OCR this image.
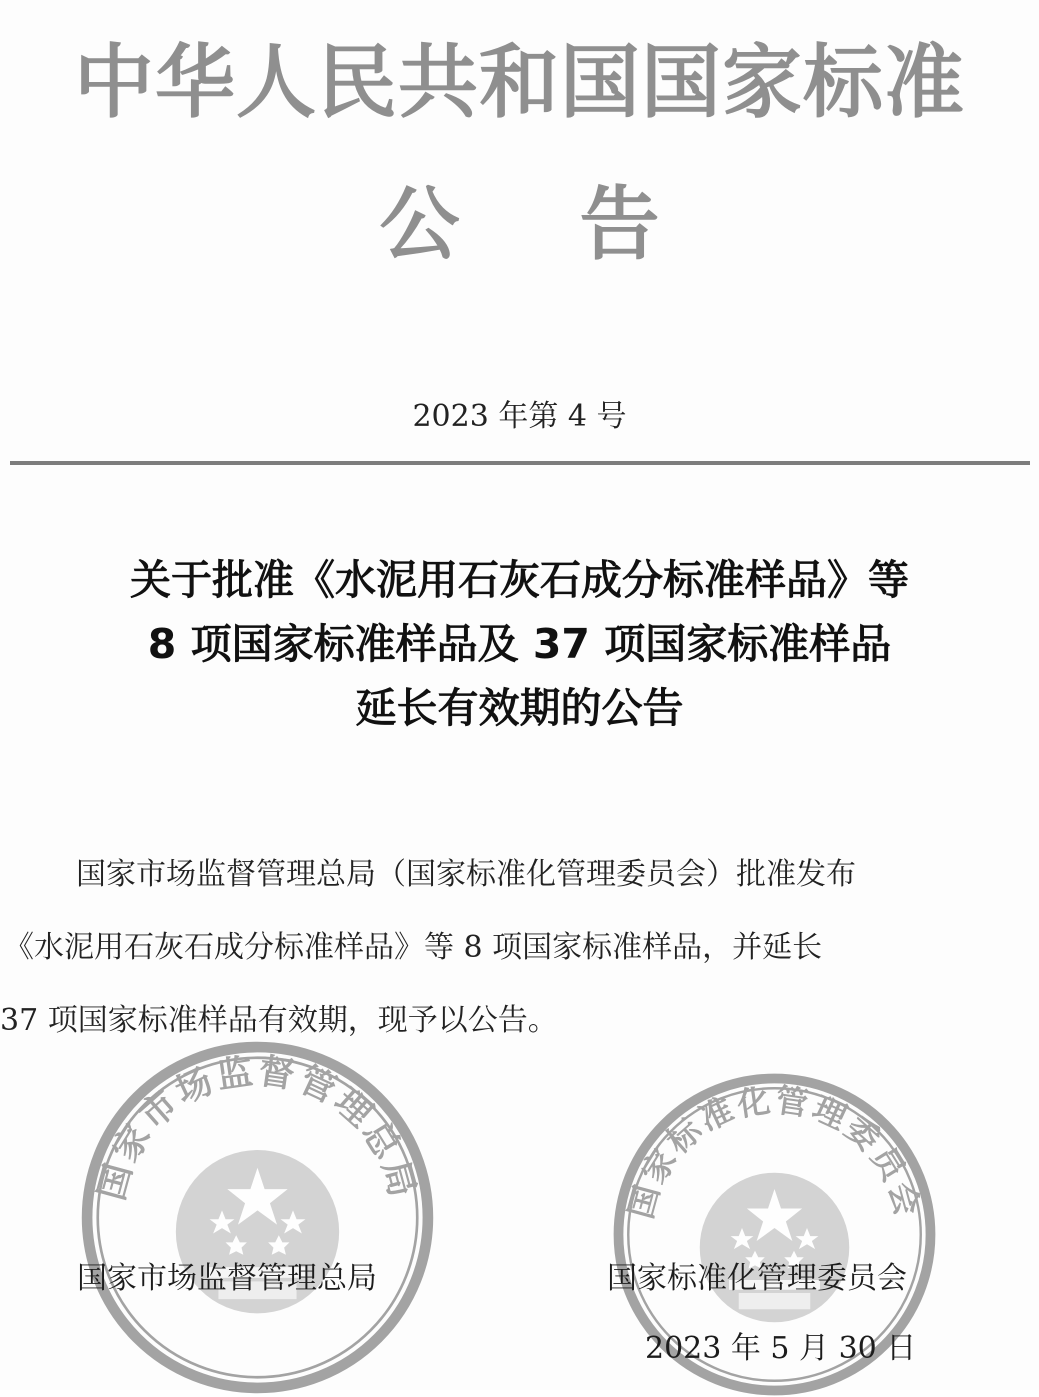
中华人民共和国国家标准
公告
2023 年第 4 号
关于批准《水泥用石灰石成分标准样品》等
8 项国家标准样品及 37 项国家标准样品
延长有效期的公告
国家市场监督管理总局（国家标准化管理委员会）批准发布
《水泥用石灰石成分标准样品》等 8 项国家标准样品，并延长
37 项国家标准样品有效期，现予以公告。
国家市场监督管理总局	国家标准化管理委员会
国家市场监督管理总局	国家标准化管理委员会
2023 年 5 月 30 日
